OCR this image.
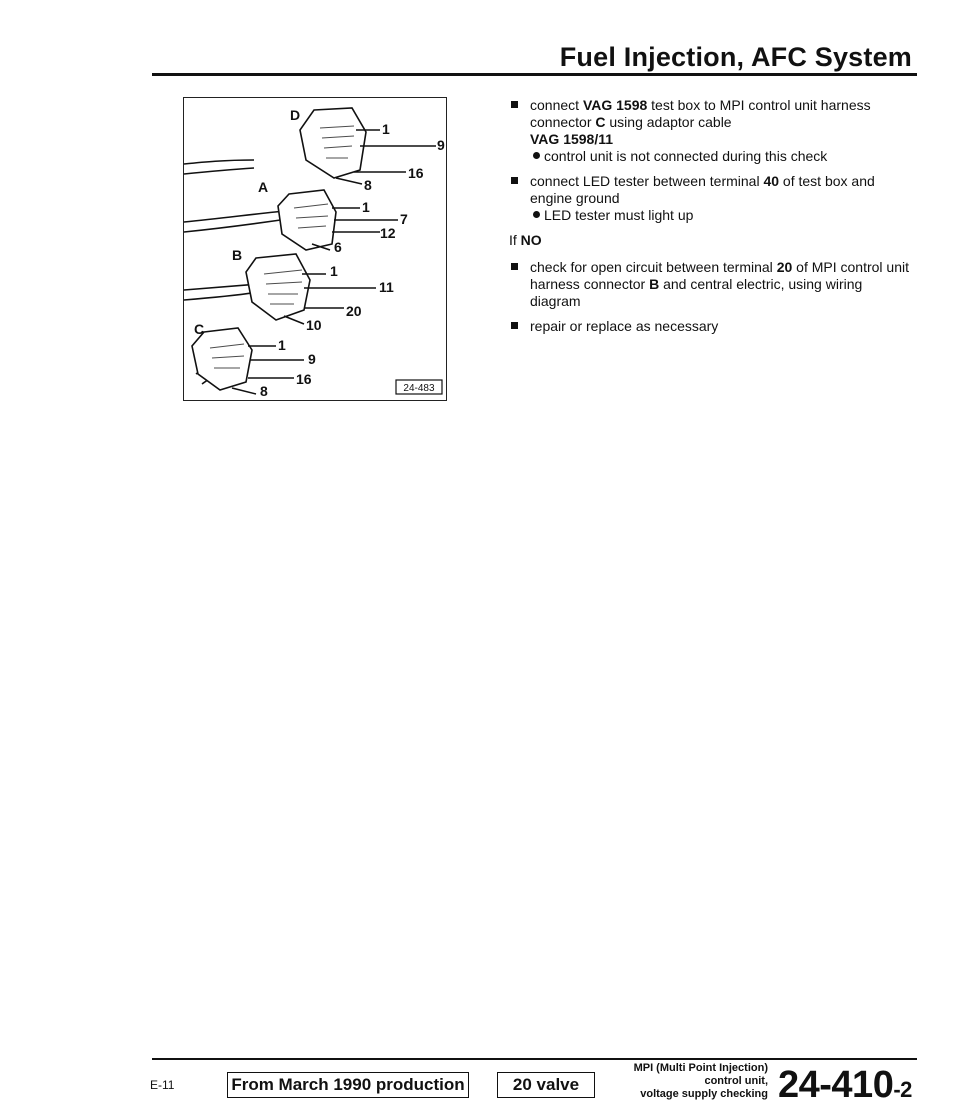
Fuel Injection, AFC System
D
1
9
16
8
A
1
7
12
6
B
1
11
20
10
C
1
9
16
8	24-483
connect VAG 1598 test box to MPI control unit harness connector C using adaptor cable
VAG 1598/11
control unit is not connected during this check
connect LED tester between terminal 40 of test box and engine ground
LED tester must light up
If NO
check for open circuit between terminal 20 of MPI control unit harness connector B and central electric, using wiring diagram
repair or replace as necessary
E-11	From March 1990 production	20 valve
MPI (Multi Point Injection)
control unit,
voltage supply checking 24-410-2
